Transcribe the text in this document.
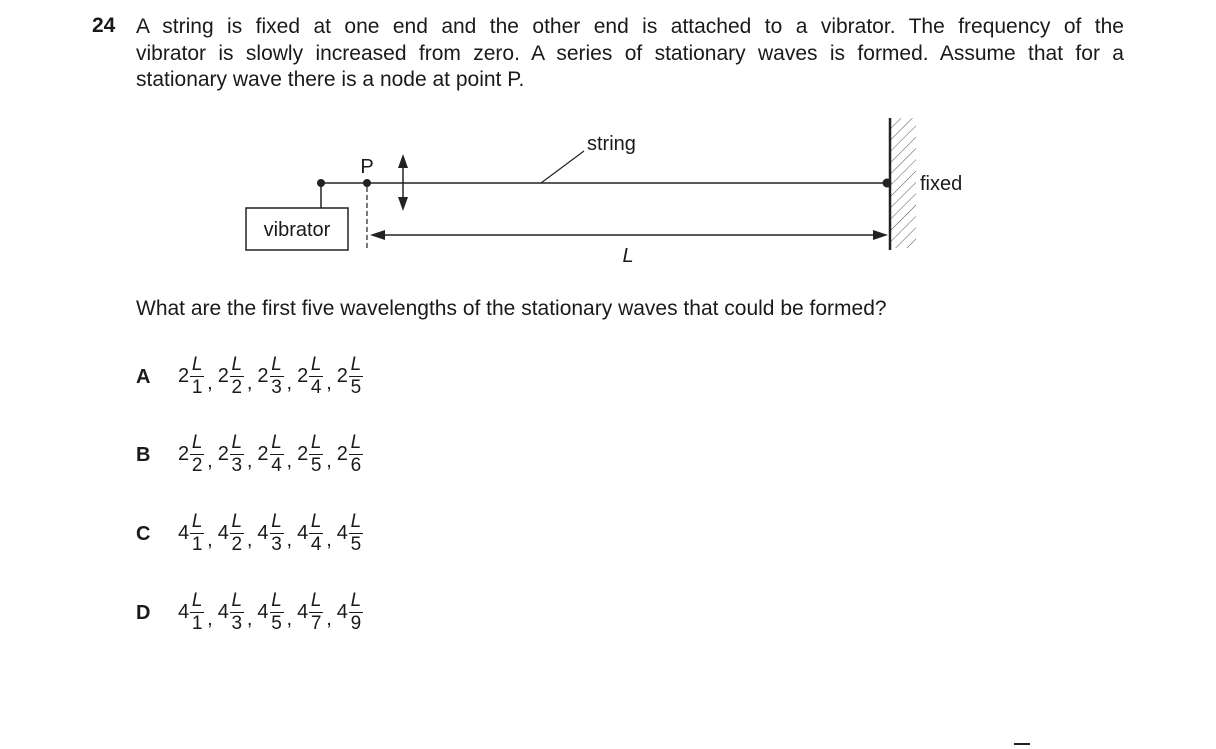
24 A string is fixed at one end and the other end is attached to a vibrator. The frequency of the
vibrator is slowly increased from zero. A series of stationary waves is formed. Assume that for a
stationary wave there is a node at point P.
vibrator
P
string
fixed
L
What are the first five wavelengths of the stationary waves that could be formed?
A $2 \frac{L}{1}$ , $2 \frac{L}{2}$ , $2 \frac{L}{3}$ , $2 \frac{L}{4}$ , $2 \frac{L}{5}$
B $2 \frac{L}{2}$ , $2 \frac{L}{3}$ , $2 \frac{L}{4}$ , $2 \frac{L}{5}$ , $2 \frac{L}{6}$
C $4 \frac{L}{1}$ , $4 \frac{L}{2}$ , $4 \frac{L}{3}$ , $4 \frac{L}{4}$ , $4 \frac{L}{5}$
D $4 \frac{L}{1}$ , $4 \frac{L}{3}$ , $4 \frac{L}{5}$ , $4 \frac{L}{7}$ , $4 \frac{L}{9}$
